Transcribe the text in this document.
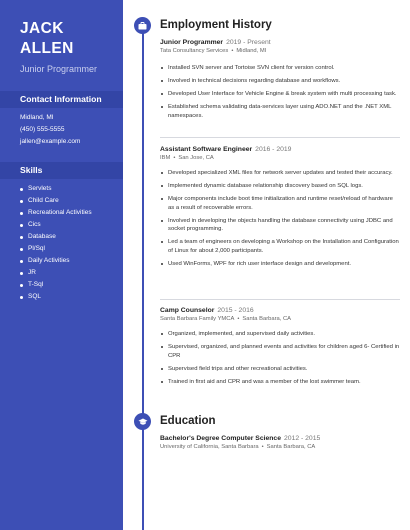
JACK
ALLEN
Junior Programmer
Contact Information
Midland, MI
(450) 555-5555
jallen@example.com
Skills
Servlets
Child Care
Recreational Activities
Cics
Database
Pl/Sql
Daily Activities
JR
T-Sql
SQL
Employment History
Junior Programmer 2019 - Present
Tata Consultancy Services • Midland, MI
Installed SVN server and Tortoise SVN client for version control.
Involved in technical decisions regarding database and workflows.
Developed User Interface for Vehicle Engine & break system with multi processing task.
Established schema validating data-services layer using ADO.NET and the .NET XML namespaces.
Assistant Software Engineer 2016 - 2019
IBM • San Jose, CA
Developed specialized XML files for network server updates and tested their accuracy.
Implemented dynamic database relationship discovery based on SQL logs.
Major components include boot time initialization and runtime reset/reload of hardware as a result of recoverable errors.
Involved in developing the objects handling the database connectivity using JDBC and socket programming.
Led a team of engineers on developing a Workshop on the Installation and Configuration of Linux for about 2,000 participants.
Used WinForms, WPF for rich user interface design and development.
Camp Counselor 2015 - 2016
Santa Barbara Family YMCA • Santa Barbara, CA
Organized, implemented, and supervised daily activities.
Supervised, organized, and planned events and activities for children aged 6- Certified in CPR
Supervised field trips and other recreational activities.
Trained in first aid and CPR and was a member of the lost swimmer team.
Education
Bachelor's Degree Computer Science 2012 - 2015
University of California, Santa Barbara • Santa Barbara, CA
